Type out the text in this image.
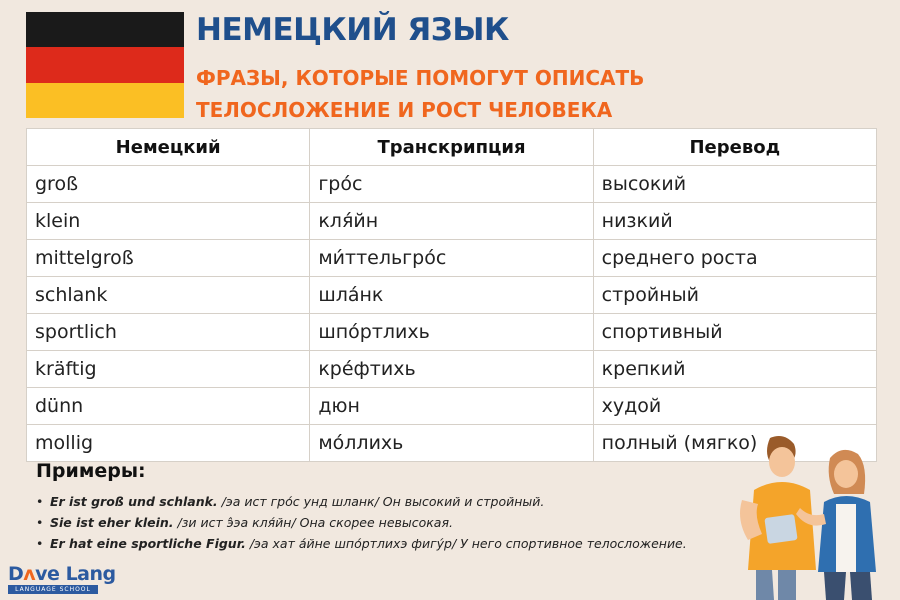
НЕМЕЦКИЙ ЯЗЫК
ФРАЗЫ, КОТОРЫЕ ПОМОГУТ ОПИСАТЬ
ТЕЛОСЛОЖЕНИЕ И РОСТ ЧЕЛОВЕКА
Немецкий	Транскрипция	Перевод
groß	гро́с	высокий
klein	кля́йн	низкий
mittelgroß	ми́ттельгро́с	среднего роста
schlank	шла́нк	стройный
sportlich	шпо́ртлихь	спортивный
kräftig	кре́фтихь	крепкий
dünn	дюн	худой
mollig	мо́ллихь	полный (мягко)
Примеры:
• Er ist groß und schlank. /эа ист гро́с унд шланк/ Он высокий и стройный.
• Sie ist eher klein. /зи ист э̂эа кля́йн/ Она скорее невысокая.
• Er hat eine sportliche Figur. /эа хат а́йне шпо́ртлихэ фигу́р/ У него спортивное телосложение.
Dʌve Lang
LANGUAGE SCHOOL
